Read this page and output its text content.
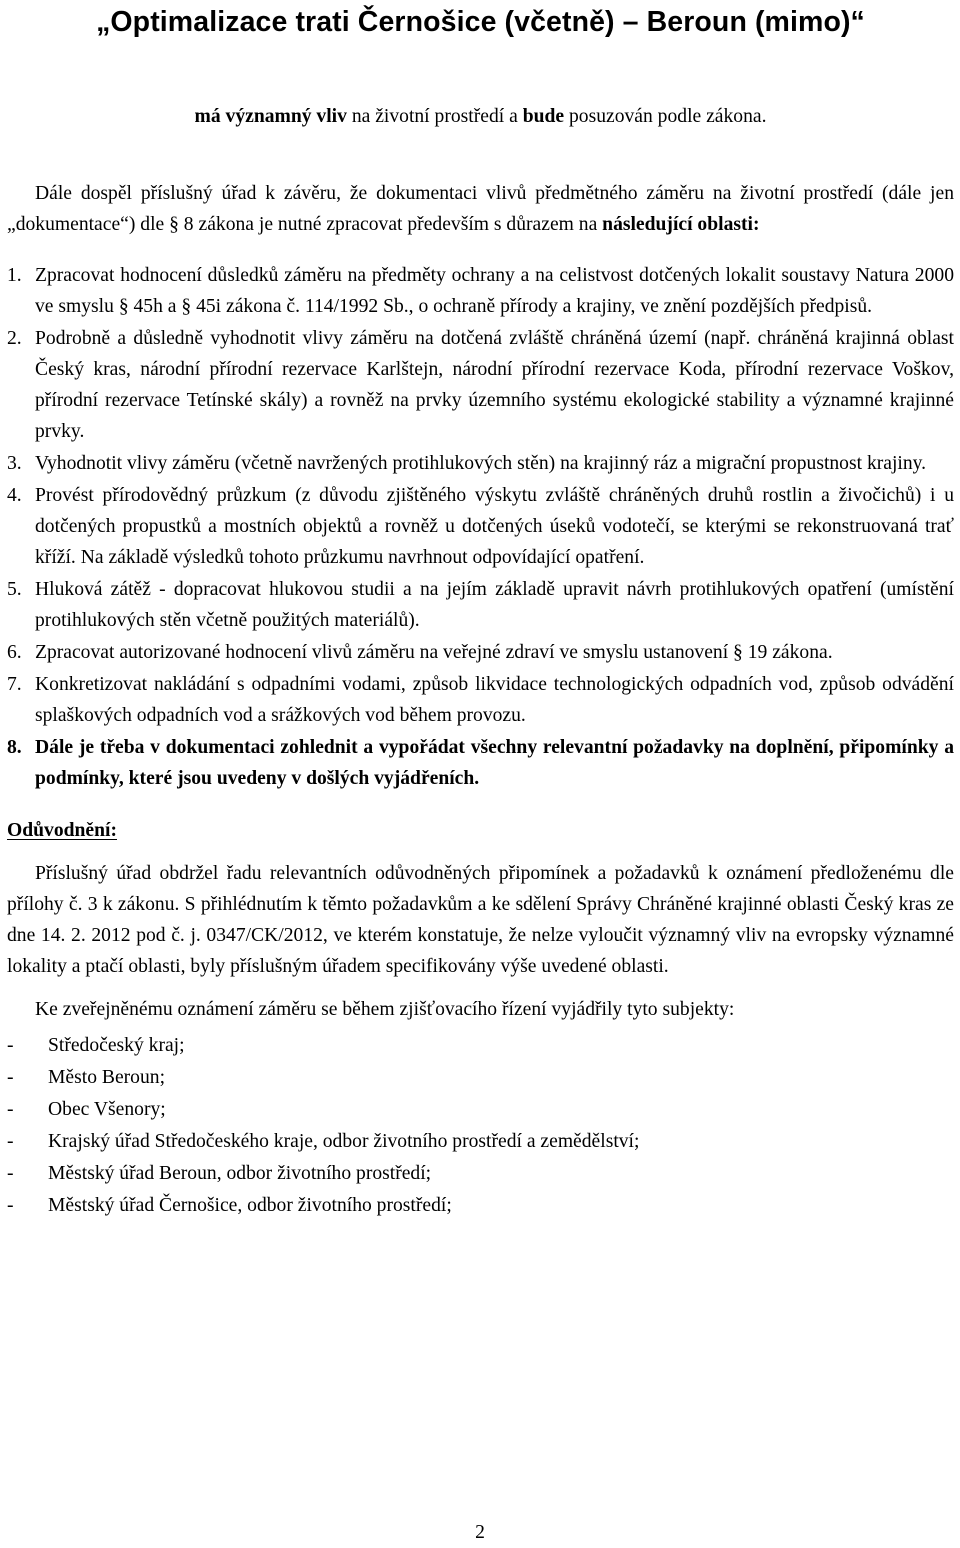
„Optimalizace trati Černošice (včetně) – Beroun (mimo)“
má významný vliv na životní prostředí a bude posuzován podle zákona.
Dále dospěl příslušný úřad k závěru, že dokumentaci vlivů předmětného záměru na životní prostředí (dále jen „dokumentace“) dle § 8 zákona je nutné zpracovat především s důrazem na následující oblasti:
1. Zpracovat hodnocení důsledků záměru na předměty ochrany a na celistvost dotčených lokalit soustavy Natura 2000 ve smyslu § 45h a § 45i zákona č. 114/1992 Sb., o ochraně přírody a krajiny, ve znění pozdějších předpisů.
2. Podrobně a důsledně vyhodnotit vlivy záměru na dotčená zvláště chráněná území (např. chráněná krajinná oblast Český kras, národní přírodní rezervace Karlštejn, národní přírodní rezervace Koda, přírodní rezervace Voškov, přírodní rezervace Tetínské skály) a rovněž na prvky územního systému ekologické stability a významné krajinné prvky.
3. Vyhodnotit vlivy záměru (včetně navržených protihlukových stěn) na krajinný ráz a migrační propustnost krajiny.
4. Provést přírodovědný průzkum (z důvodu zjištěného výskytu zvláště chráněných druhů rostlin a živočichů) i u dotčených propustků a mostních objektů a rovněž u dotčených úseků vodotečí, se kterými se rekonstruovaná trať kříží. Na základě výsledků tohoto průzkumu navrhnout odpovídající opatření.
5. Hluková zátěž - dopracovat hlukovou studii a na jejím základě upravit návrh protihlukových opatření (umístění protihlukových stěn včetně použitých materiálů).
6. Zpracovat autorizované hodnocení vlivů záměru na veřejné zdraví ve smyslu ustanovení § 19 zákona.
7. Konkretizovat nakládání s odpadními vodami, způsob likvidace technologických odpadních vod, způsob odvádění splaškových odpadních vod a srážkových vod během provozu.
8. Dále je třeba v dokumentaci zohlednit a vypořádat všechny relevantní požadavky na doplnění, připomínky a podmínky, které jsou uvedeny v došlých vyjádřeních.
Odůvodnění:
Příslušný úřad obdržel řadu relevantních odůvodněných připomínek a požadavků k oznámení předloženému dle přílohy č. 3 k zákonu. S přihlédnutím k těmto požadavkům a ke sdělení Správy Chráněné krajinné oblasti Český kras ze dne 14. 2. 2012 pod č. j. 0347/CK/2012, ve kterém konstatuje, že nelze vyloučit významný vliv na evropsky významné lokality a ptačí oblasti, byly příslušným úřadem specifikovány výše uvedené oblasti.
Ke zveřejněnému oznámení záměru se během zjišťovacího řízení vyjádřily tyto subjekty:
-	Středočeský kraj;
-	Město Beroun;
-	Obec Všenory;
-	Krajský úřad Středočeského kraje, odbor životního prostředí a zemědělství;
-	Městský úřad Beroun, odbor životního prostředí;
-	Městský úřad Černošice, odbor životního prostředí;
2
